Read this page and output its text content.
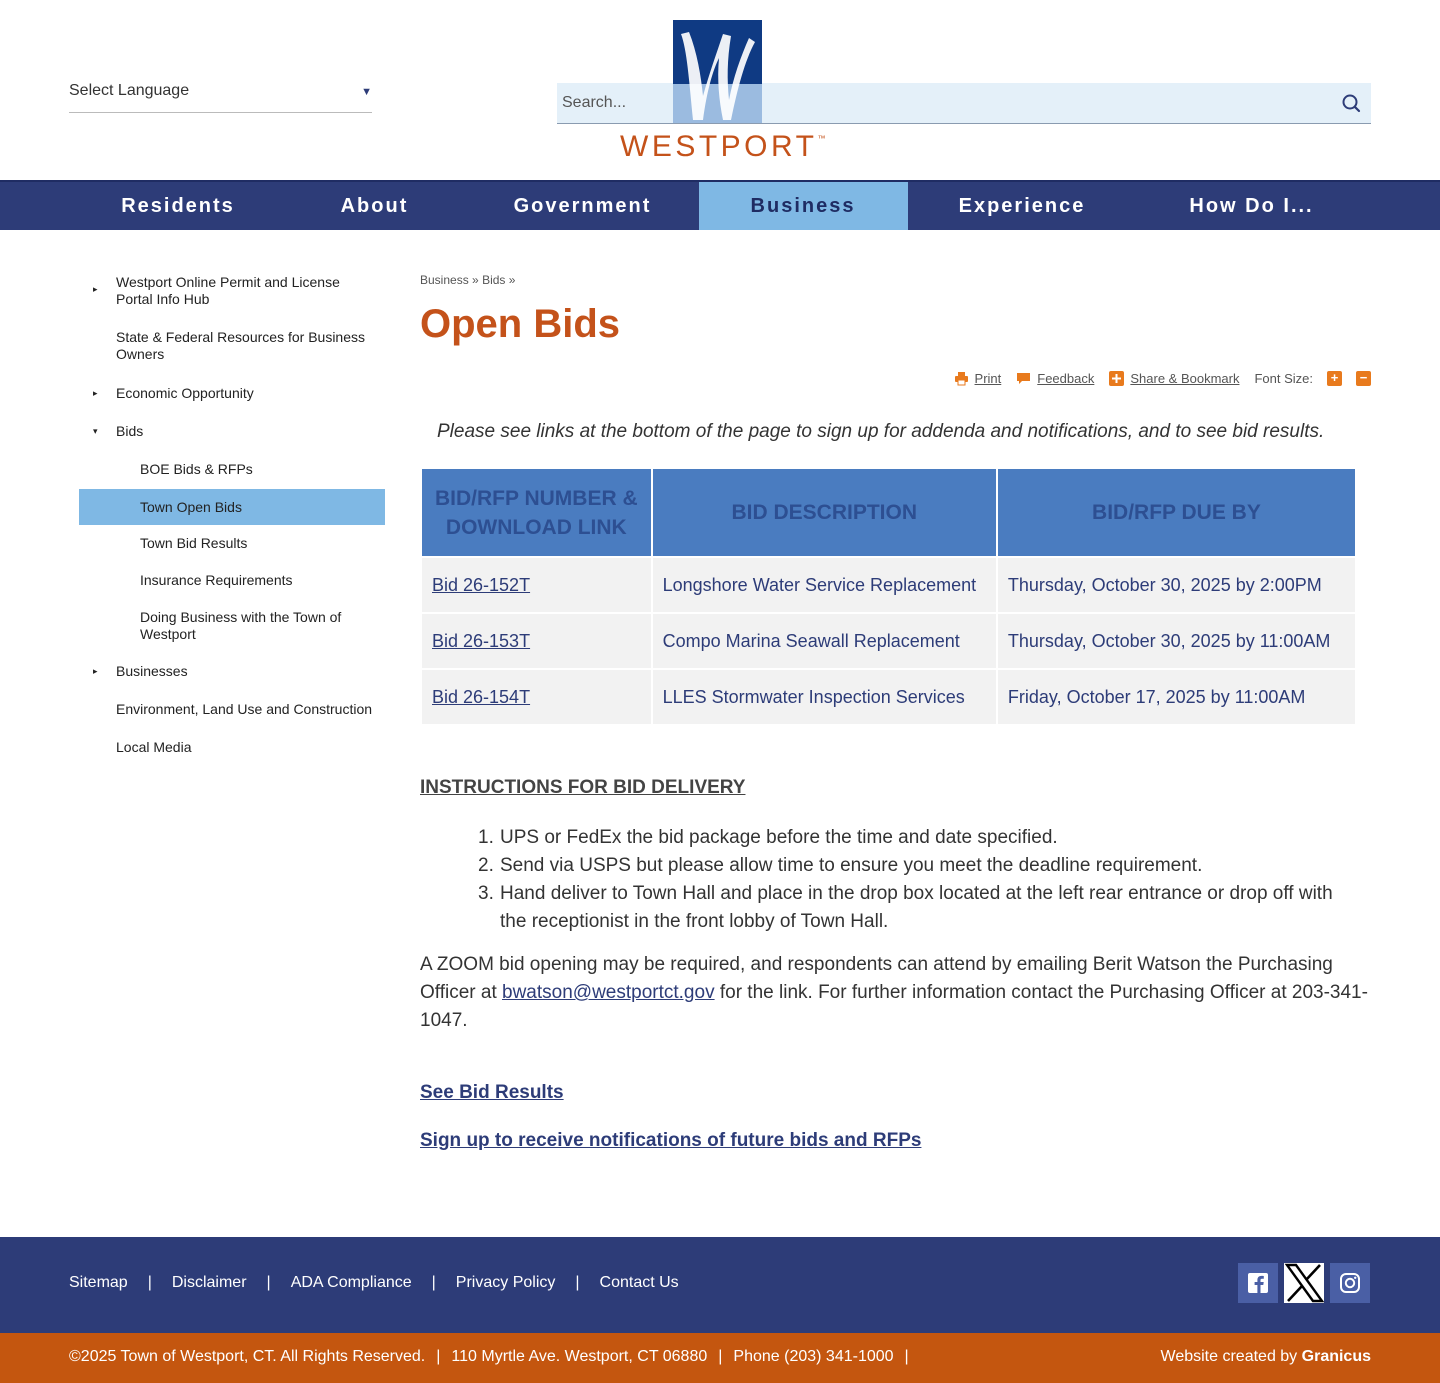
Select Language	▼
Search...
WESTPORT™
Residents	About	Government	Business	Experience	How Do I...
▸ Westport Online Permit and License Portal Info Hub
State & Federal Resources for Business Owners
▸ Economic Opportunity
▾ Bids
BOE Bids & RFPs
Town Open Bids
Town Bid Results
Insurance Requirements
Doing Business with the Town of Westport
▸ Businesses
Environment, Land Use and Construction
Local Media
Business » Bids »
Open Bids
Print	Feedback	Share & Bookmark Font Size: + −

Please see links at the bottom of the page to sign up for addenda and notifications, and to see bid results.

BID/RFP NUMBER & DOWNLOAD LINK	BID DESCRIPTION	BID/RFP DUE BY
Bid 26-152T	Longshore Water Service Replacement	Thursday, October 30, 2025 by 2:00PM
Bid 26-153T	Compo Marina Seawall Replacement	Thursday, October 30, 2025 by 11:00AM
Bid 26-154T	LLES Stormwater Inspection Services	Friday, October 17, 2025 by 11:00AM
INSTRUCTIONS FOR BID DELIVERY
1. UPS or FedEx the bid package before the time and date specified.
2. Send via USPS but please allow time to ensure you meet the deadline requirement.
3. Hand deliver to Town Hall and place in the drop box located at the left rear entrance or drop off with the receptionist in the front lobby of Town Hall.

A ZOOM bid opening may be required, and respondents can attend by emailing Berit Watson the Purchasing Officer at bwatson@westportct.gov for the link. For further information contact the Purchasing Officer at 203-341-1047.

See Bid Results
Sign up to receive notifications of future bids and RFPs
Sitemap | Disclaimer | ADA Compliance | Privacy Policy | Contact Us
©2025 Town of Westport, CT. All Rights Reserved. | 110 Myrtle Ave. Westport, CT 06880 | Phone (203) 341-1000 |	Website created by Granicus
